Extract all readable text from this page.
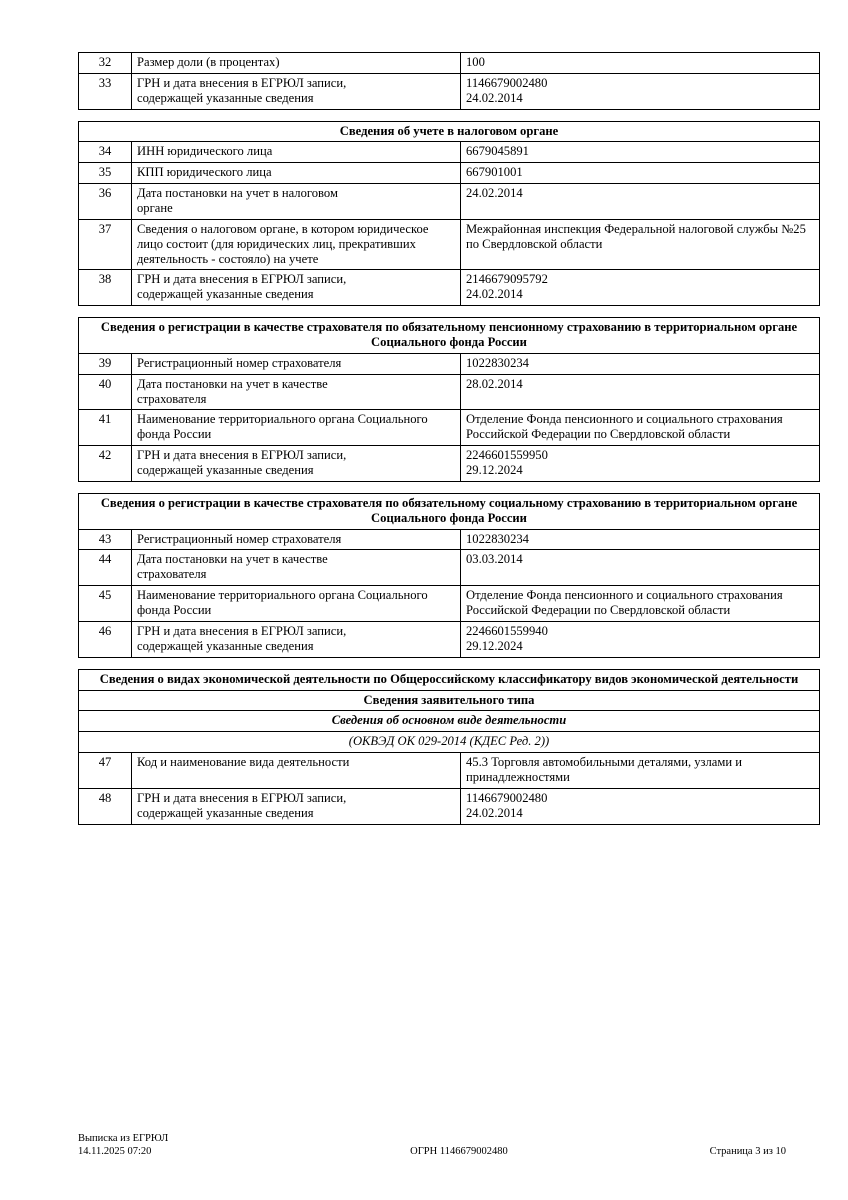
32	Размер доли (в процентах)	100
33	ГРН и дата внесения в ЕГРЮЛ записи,
содержащей указанные сведения	1146679002480
24.02.2014

Сведения об учете в налоговом органе		
34	ИНН юридического лица	6679045891
35	КПП юридического лица	667901001
36	Дата постановки на учет в налоговом
органе	24.02.2014
37	Сведения о налоговом органе, в котором юридическое лицо состоит (для юридических лиц, прекративших деятельность - состояло) на учете	Межрайонная инспекция Федеральной налоговой службы №25 по Свердловской области
38	ГРН и дата внесения в ЕГРЮЛ записи,
содержащей указанные сведения	2146679095792
24.02.2014

Сведения о регистрации в качестве страхователя по обязательному пенсионному страхованию в территориальном органе Социального фонда России		
39	Регистрационный номер страхователя	1022830234
40	Дата постановки на учет в качестве
страхователя	28.02.2014
41	Наименование территориального органа Социального фонда России	Отделение Фонда пенсионного и социального страхования Российской Федерации по Свердловской области
42	ГРН и дата внесения в ЕГРЮЛ записи,
содержащей указанные сведения	2246601559950
29.12.2024

Сведения о регистрации в качестве страхователя по обязательному социальному страхованию в территориальном органе Социального фонда России		
43	Регистрационный номер страхователя	1022830234
44	Дата постановки на учет в качестве
страхователя	03.03.2014
45	Наименование территориального органа Социального фонда России	Отделение Фонда пенсионного и социального страхования Российской Федерации по Свердловской области
46	ГРН и дата внесения в ЕГРЮЛ записи,
содержащей указанные сведения	2246601559940
29.12.2024

Сведения о видах экономической деятельности по Общероссийскому классификатору видов экономической деятельности		
Сведения заявительного типа		
Сведения об основном виде деятельности		
(ОКВЭД ОК 029-2014 (КДЕС Ред. 2))		
47	Код и наименование вида деятельности	45.3 Торговля автомобильными деталями, узлами и принадлежностями
48	ГРН и дата внесения в ЕГРЮЛ записи,
содержащей указанные сведения	1146679002480
24.02.2014
Выписка из ЕГРЮЛ
14.11.2025 07:20	ОГРН 1146679002480	Страница 3 из 10
